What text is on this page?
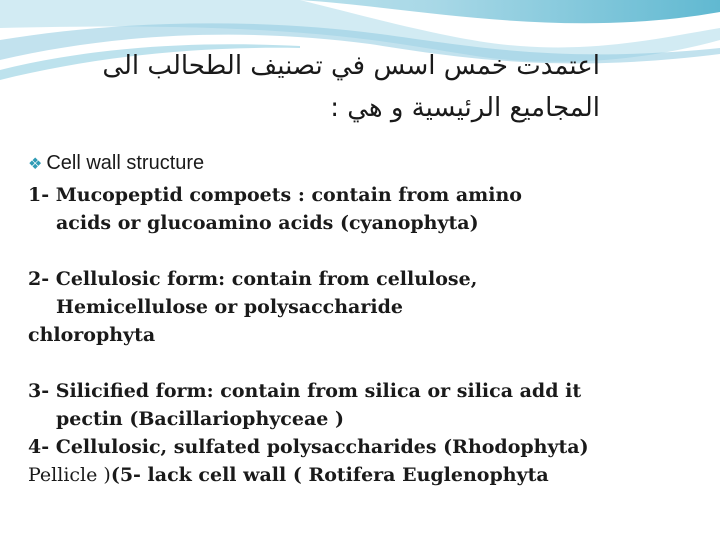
اعتمدت خمس اسس في تصنيف الطحالب الى
المجاميع الرئيسية و هي :
❖ Cell wall structure
1- Mucopeptid compoets : contain from amino
acids or glucoamino acids (cyanophyta)
2- Cellulosic form: contain from cellulose,
Hemicellulose or polysaccharide
chlorophyta
3- Silicified form: contain from silica or silica add it
pectin (Bacillariophyceae )
4- Cellulosic, sulfated polysaccharides (Rhodophyta)
Pellicle )(5- lack cell wall ( Rotifera Euglenophyta
